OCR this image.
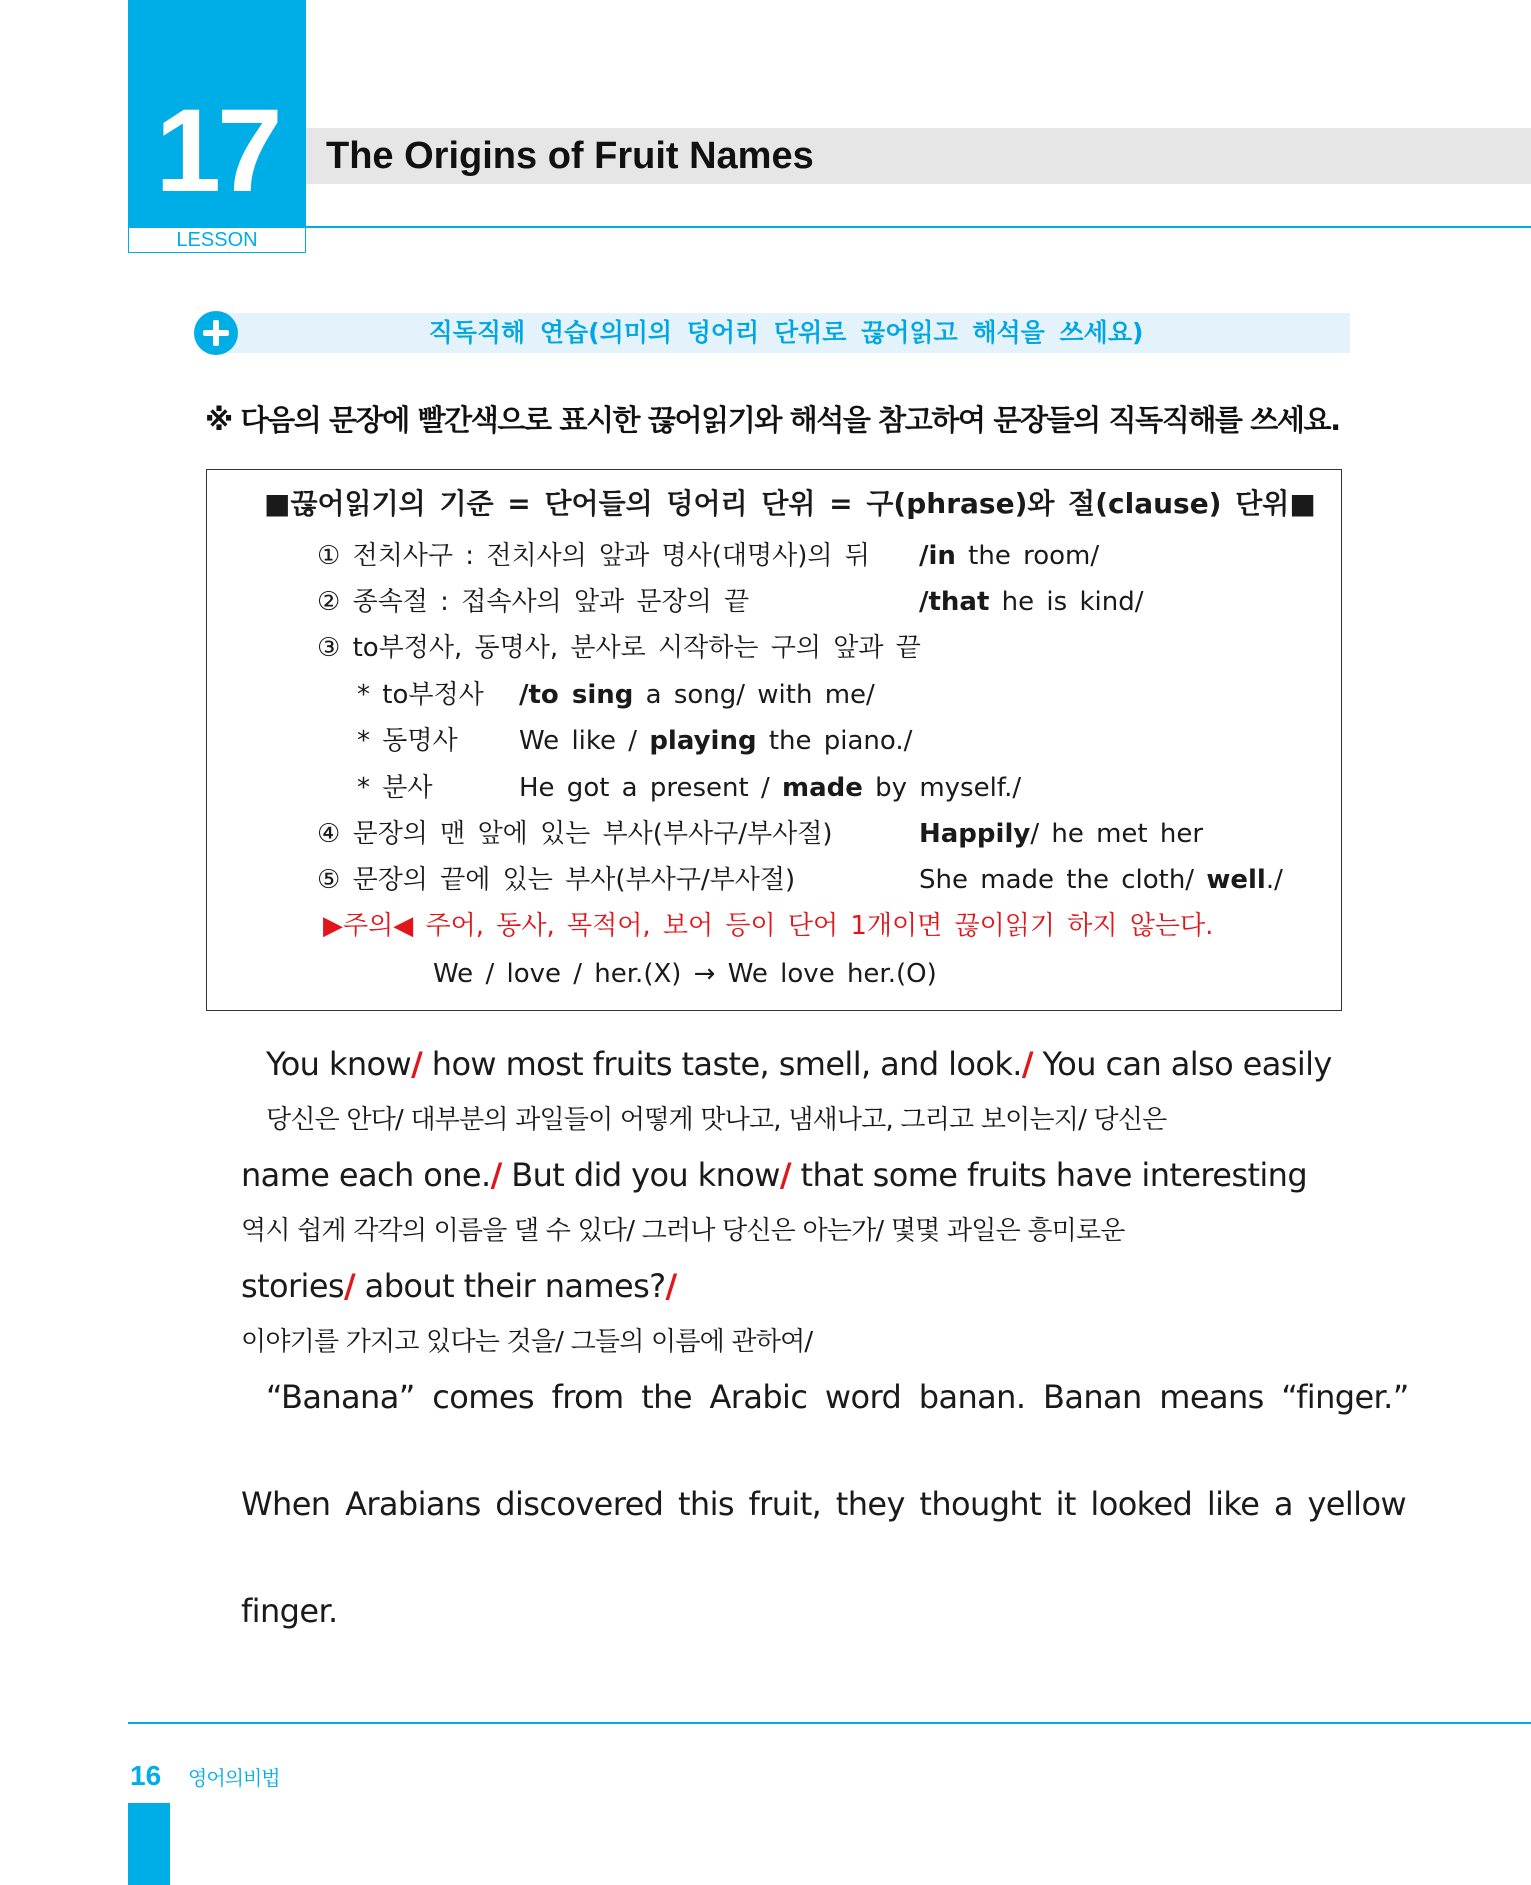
17
LESSON
The Origins of Fruit Names
직독직해 연습(의미의 덩어리 단위로 끊어읽고 해석을 쓰세요)
※ 다음의 문장에 빨간색으로 표시한 끊어읽기와 해석을 참고하여 문장들의 직독직해를 쓰세요.
■끊어읽기의 기준 = 단어들의 덩어리 단위 = 구(phrase)와 절(clause) 단위■
① 전치사구 : 전치사의 앞과 명사(대명사)의 뒤 /in the room/
② 종속절 : 접속사의 앞과 문장의 끝	/that he is kind/
③ to부정사, 동명사, 분사로 시작하는 구의 앞과 끝
* to부정사 /to sing a song/ with me/
* 동명사 We like / playing the piano./
* 분사	He got a present / made by myself./
④ 문장의 맨 앞에 있는 부사(부사구/부사절)	Happily/ he met her
⑤ 문장의 끝에 있는 부사(부사구/부사절)	She made the cloth/ well./
▶주의◀ 주어, 동사, 목적어, 보어 등이 단어 1개이면 끊이읽기 하지 않는다.
We / love / her.(X) → We love her.(O)
You know/ how most fruits taste, smell, and look./ You can also easily
당신은 안다/ 대부분의 과일들이 어떻게 맛나고, 냄새나고, 그리고 보이는지/ 당신은
name each one./ But did you know/ that some fruits have interesting
역시 쉽게 각각의 이름을 댈 수 있다/ 그러나 당신은 아는가/ 몇몇 과일은 흥미로운
stories/ about their names?/
이야기를 가지고 있다는 것을/ 그들의 이름에 관하여/
“Banana” comes from the Arabic word banan. Banan means “finger.”
When Arabians discovered this fruit, they thought it looked like a yellow
finger.
16 영어의비법
